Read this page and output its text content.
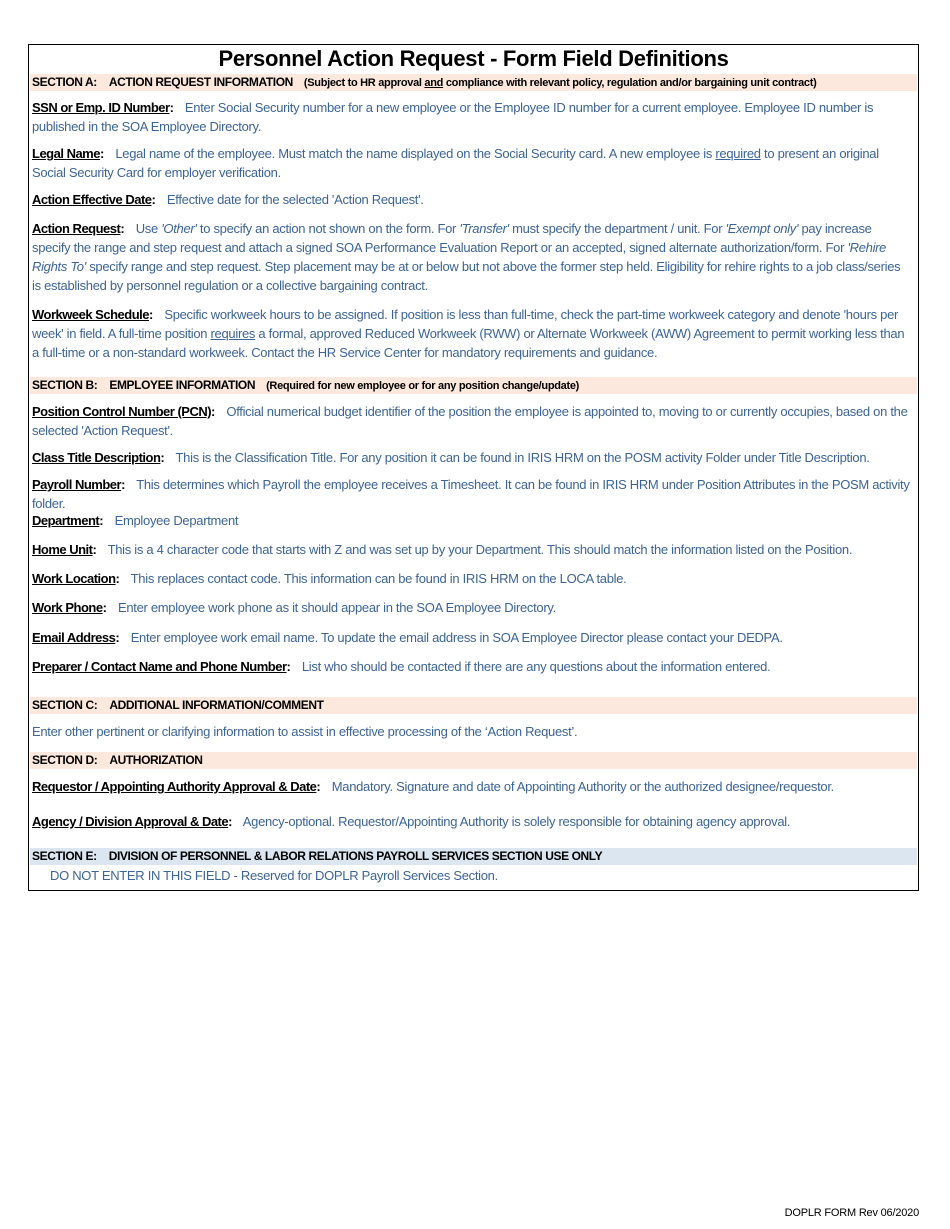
Personnel Action Request - Form Field Definitions
SECTION A: ACTION REQUEST INFORMATION (Subject to HR approval and compliance with relevant policy, regulation and/or bargaining unit contract)
SSN or Emp. ID Number: Enter Social Security number for a new employee or the Employee ID number for a current employee. Employee ID number is published in the SOA Employee Directory.
Legal Name: Legal name of the employee. Must match the name displayed on the Social Security card. A new employee is required to present an original Social Security Card for employer verification.
Action Effective Date: Effective date for the selected 'Action Request'.
Action Request: Use 'Other' to specify an action not shown on the form. For 'Transfer' must specify the department / unit. For 'Exempt only' pay increase specify the range and step request and attach a signed SOA Performance Evaluation Report or an accepted, signed alternate authorization/form. For 'Rehire Rights To' specify range and step request. Step placement may be at or below but not above the former step held. Eligibility for rehire rights to a job class/series is established by personnel regulation or a collective bargaining contract.
Workweek Schedule: Specific workweek hours to be assigned. If position is less than full-time, check the part-time workweek category and denote 'hours per week' in field. A full-time position requires a formal, approved Reduced Workweek (RWW) or Alternate Workweek (AWW) Agreement to permit working less than a full-time or a non-standard workweek. Contact the HR Service Center for mandatory requirements and guidance.
SECTION B: EMPLOYEE INFORMATION (Required for new employee or for any position change/update)
Position Control Number (PCN): Official numerical budget identifier of the position the employee is appointed to, moving to or currently occupies, based on the selected 'Action Request'.
Class Title Description: This is the Classification Title. For any position it can be found in IRIS HRM on the POSM activity Folder under Title Description.
Payroll Number: This determines which Payroll the employee receives a Timesheet. It can be found in IRIS HRM under Position Attributes in the POSM activity folder.
Department: Employee Department
Home Unit: This is a 4 character code that starts with Z and was set up by your Department. This should match the information listed on the Position.
Work Location: This replaces contact code. This information can be found in IRIS HRM on the LOCA table.
Work Phone: Enter employee work phone as it should appear in the SOA Employee Directory.
Email Address: Enter employee work email name. To update the email address in SOA Employee Director please contact your DEDPA.
Preparer / Contact Name and Phone Number: List who should be contacted if there are any questions about the information entered.
SECTION C: ADDITIONAL INFORMATION/COMMENT
Enter other pertinent or clarifying information to assist in effective processing of the ‘Action Request’.
SECTION D: AUTHORIZATION
Requestor / Appointing Authority Approval & Date: Mandatory. Signature and date of Appointing Authority or the authorized designee/requestor.
Agency / Division Approval & Date: Agency-optional. Requestor/Appointing Authority is solely responsible for obtaining agency approval.
SECTION E: DIVISION OF PERSONNEL & LABOR RELATIONS PAYROLL SERVICES SECTION USE ONLY
DO NOT ENTER IN THIS FIELD - Reserved for DOPLR Payroll Services Section.
DOPLR FORM Rev 06/2020
